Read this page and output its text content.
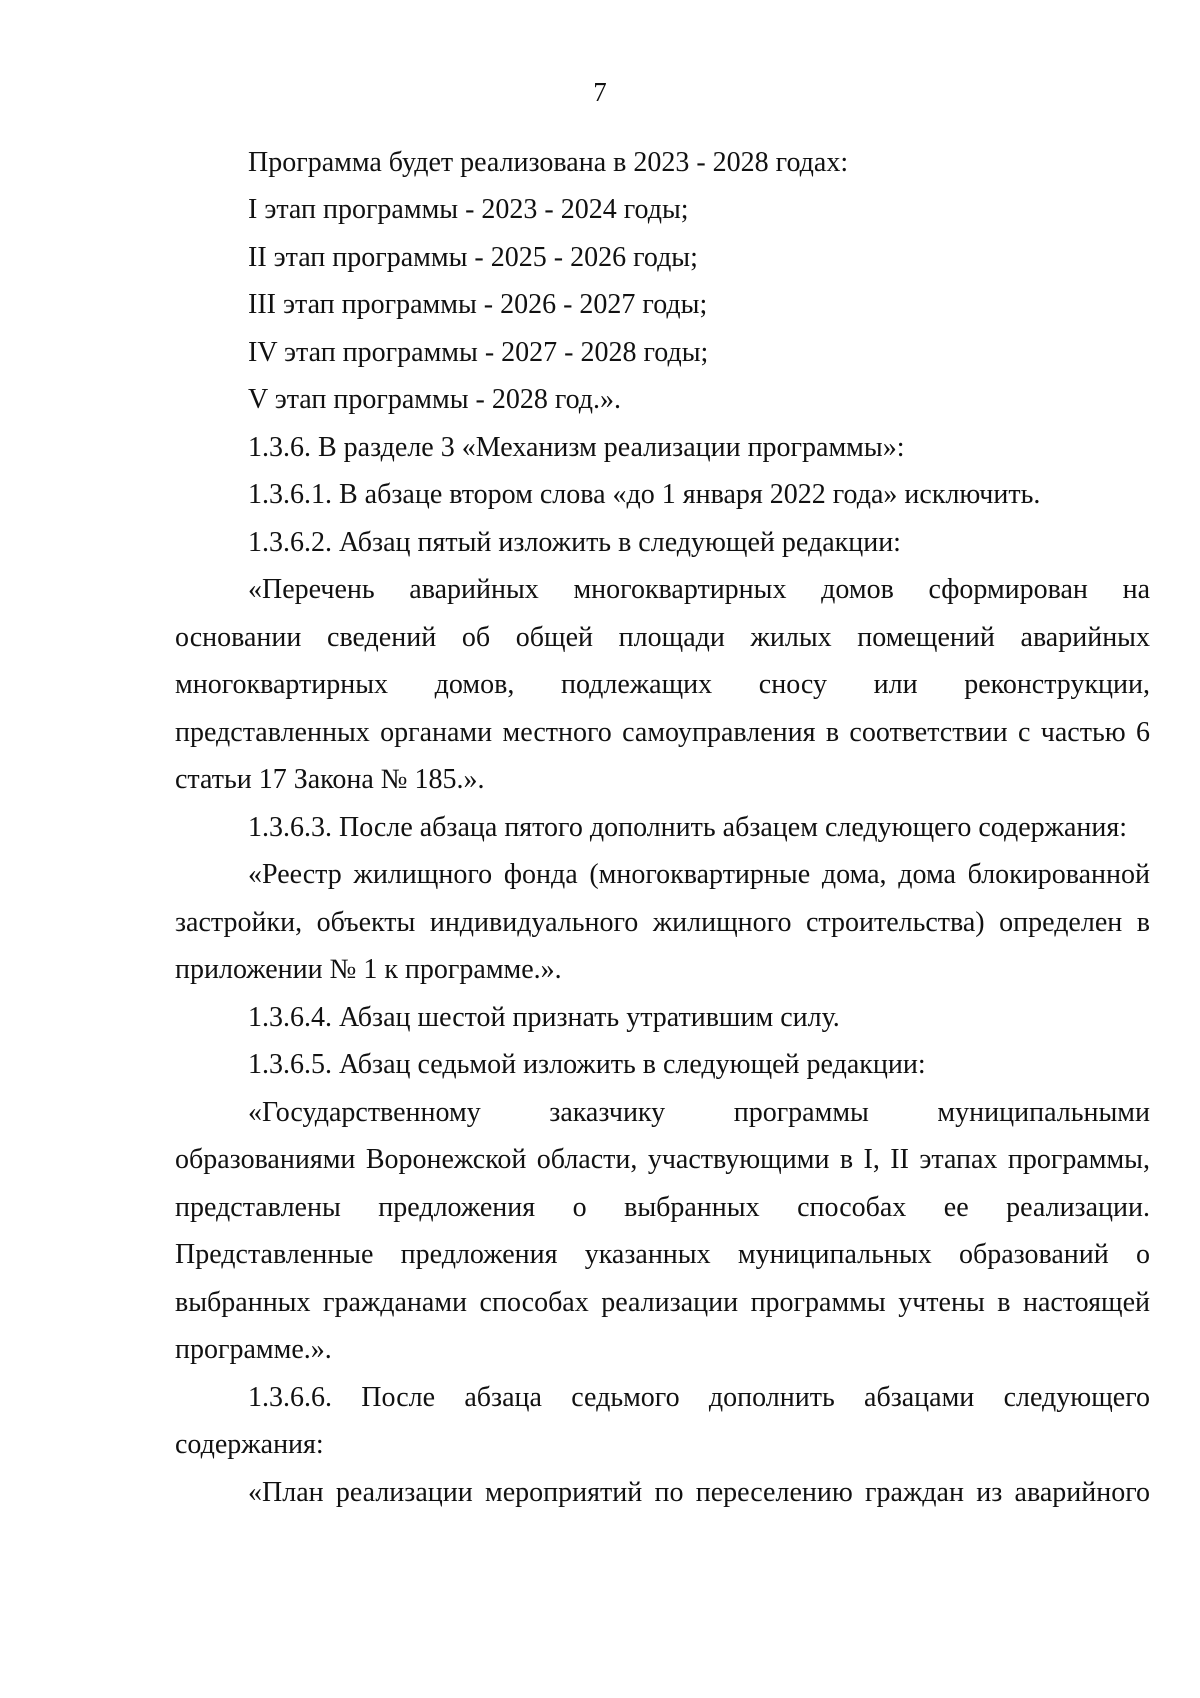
7
Программа будет реализована в 2023 - 2028 годах:
I этап программы - 2023 - 2024 годы;
II этап программы - 2025 - 2026 годы;
III этап программы - 2026 - 2027 годы;
IV этап программы - 2027 - 2028 годы;
V этап программы - 2028 год.».
1.3.6. В разделе 3 «Механизм реализации программы»:
1.3.6.1. В абзаце втором слова «до 1 января 2022 года» исключить.
1.3.6.2. Абзац пятый изложить в следующей редакции:
«Перечень аварийных многоквартирных домов сформирован на
основании сведений об общей площади жилых помещений аварийных
многоквартирных домов, подлежащих сносу или реконструкции,
представленных органами местного самоуправления в соответствии с частью 6
статьи 17 Закона № 185.».
1.3.6.3. После абзаца пятого дополнить абзацем следующего содержания:
«Реестр жилищного фонда (многоквартирные дома, дома блокированной
застройки, объекты индивидуального жилищного строительства) определен в
приложении № 1 к программе.».
1.3.6.4. Абзац шестой признать утратившим силу.
1.3.6.5. Абзац седьмой изложить в следующей редакции:
«Государственному заказчику программы муниципальными
образованиями Воронежской области, участвующими в I, II этапах программы,
представлены предложения о выбранных способах ее реализации.
Представленные предложения указанных муниципальных образований о
выбранных гражданами способах реализации программы учтены в настоящей
программе.».
1.3.6.6. После абзаца седьмого дополнить абзацами следующего
содержания:
«План реализации мероприятий по переселению граждан из аварийного
